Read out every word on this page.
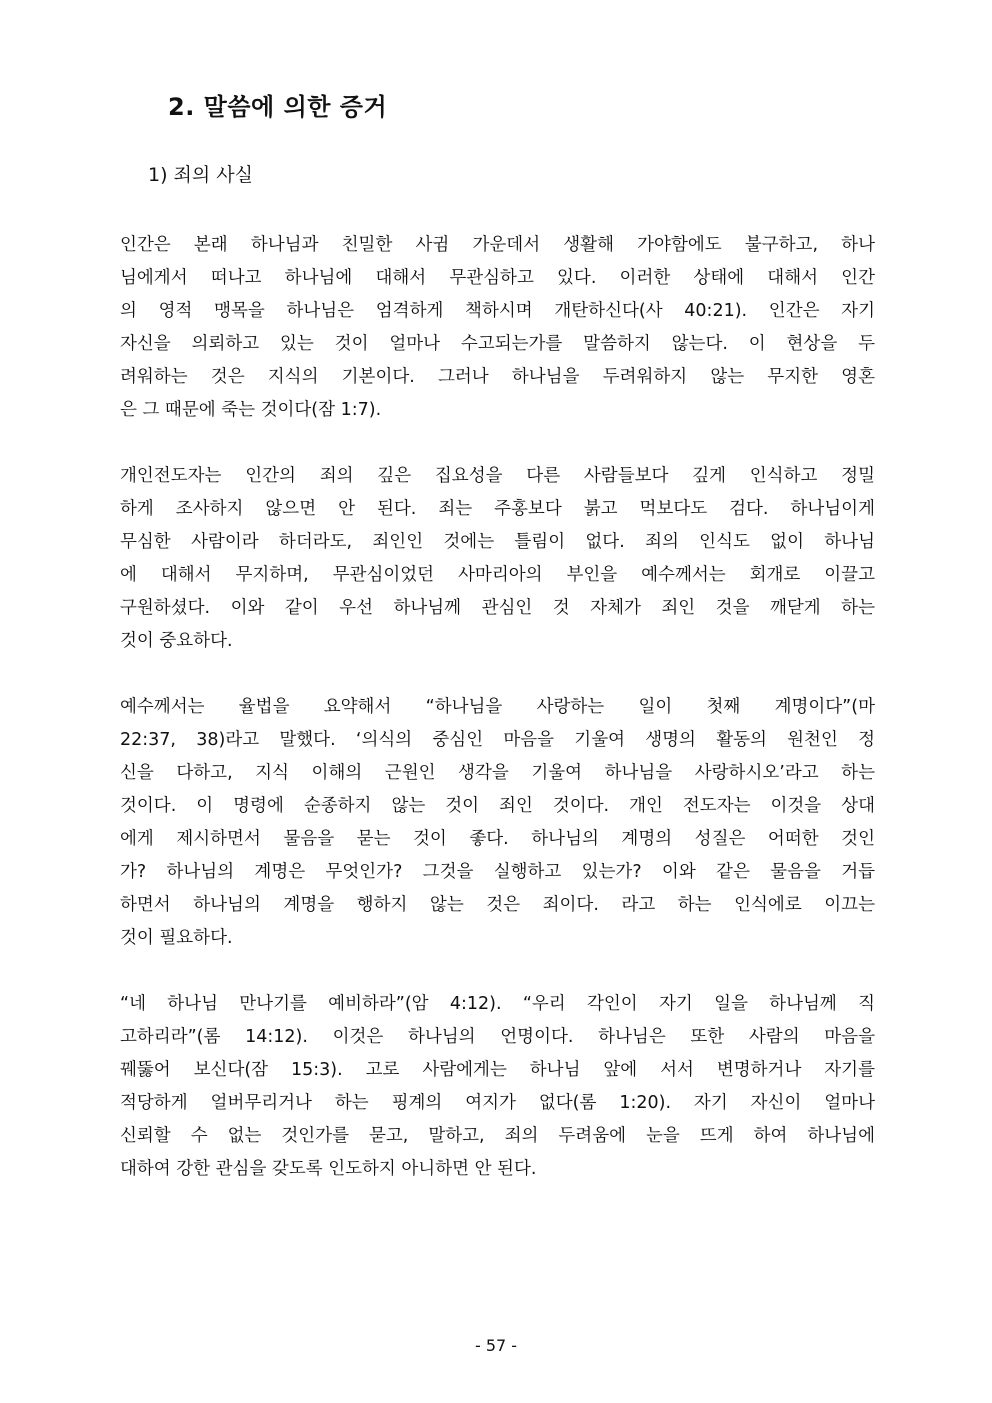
2. 말씀에 의한 증거
1) 죄의 사실

인간은 본래 하나님과 친밀한 사귐 가운데서 생활해 가야함에도 불구하고, 하나
님에게서 떠나고 하나님에 대해서 무관심하고 있다. 이러한 상태에 대해서 인간
의 영적 맹목을 하나님은 엄격하게 책하시며 개탄하신다(사 40:21). 인간은 자기
자신을 의뢰하고 있는 것이 얼마나 수고되는가를 말씀하지 않는다. 이 현상을 두
려워하는 것은 지식의 기본이다. 그러나 하나님을 두려워하지 않는 무지한 영혼
은 그 때문에 죽는 것이다(잠 1:7).

개인전도자는 인간의 죄의 깊은 집요성을 다른 사람들보다 깊게 인식하고 정밀
하게 조사하지 않으면 안 된다. 죄는 주홍보다 붉고 먹보다도 검다. 하나님이게
무심한 사람이라 하더라도, 죄인인 것에는 틀림이 없다. 죄의 인식도 없이 하나님
에 대해서 무지하며, 무관심이었던 사마리아의 부인을 예수께서는 회개로 이끌고
구원하셨다. 이와 같이 우선 하나님께 관심인 것 자체가 죄인 것을 깨닫게 하는
것이 중요하다.

예수께서는 율법을 요약해서 “하나님을 사랑하는 일이 첫째 계명이다”(마
22:37, 38)라고 말했다. ‘의식의 중심인 마음을 기울여 생명의 활동의 원천인 정
신을 다하고, 지식 이해의 근원인 생각을 기울여 하나님을 사랑하시오’라고 하는
것이다. 이 명령에 순종하지 않는 것이 죄인 것이다. 개인 전도자는 이것을 상대
에게 제시하면서 물음을 묻는 것이 좋다. 하나님의 계명의 성질은 어떠한 것인
가? 하나님의 계명은 무엇인가? 그것을 실행하고 있는가? 이와 같은 물음을 거듭
하면서 하나님의 계명을 행하지 않는 것은 죄이다. 라고 하는 인식에로 이끄는
것이 필요하다.

“네 하나님 만나기를 예비하라”(암 4:12). “우리 각인이 자기 일을 하나님께 직
고하리라”(롬 14:12). 이것은 하나님의 언명이다. 하나님은 또한 사람의 마음을
꿰뚫어 보신다(잠 15:3). 고로 사람에게는 하나님 앞에 서서 변명하거나 자기를
적당하게 얼버무리거나 하는 핑계의 여지가 없다(롬 1:20). 자기 자신이 얼마나
신뢰할 수 없는 것인가를 묻고, 말하고, 죄의 두려움에 눈을 뜨게 하여 하나님에
대하여 강한 관심을 갖도록 인도하지 아니하면 안 된다.

- 57 -
